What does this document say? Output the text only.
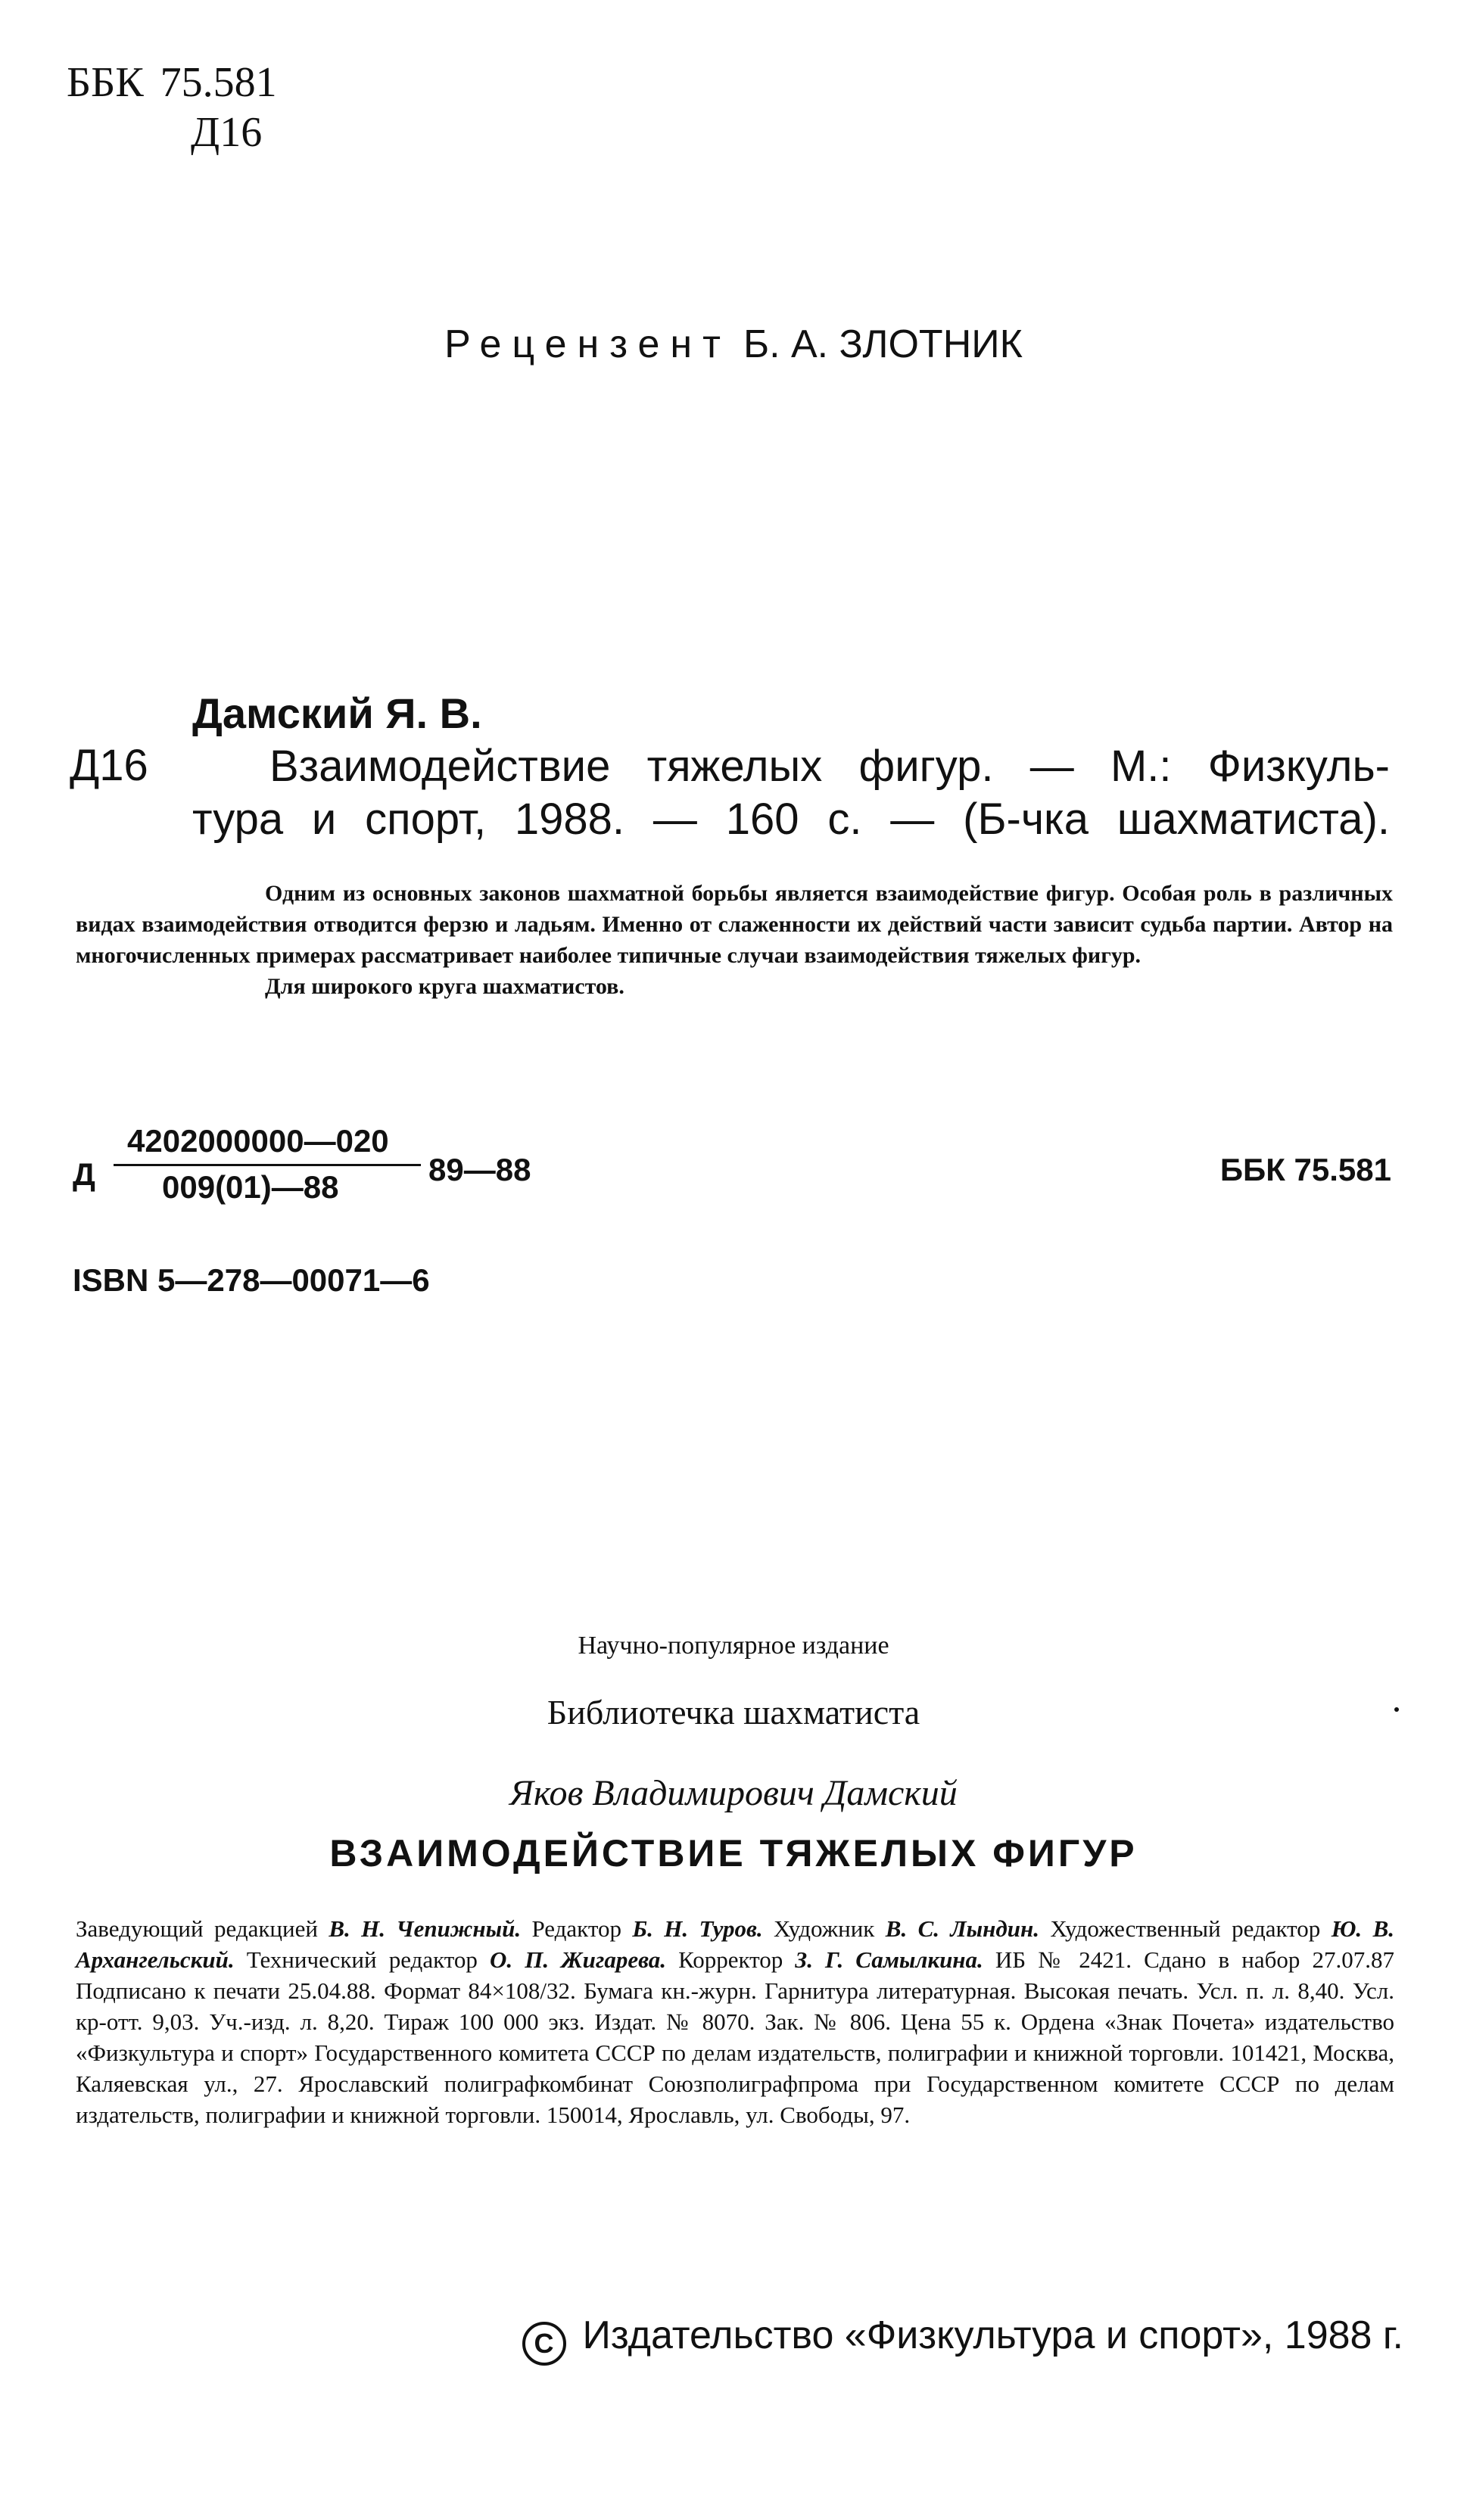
ББК 75.581
Д16
Рецензент Б. А. ЗЛОТНИК
Дамский Я. В.
Д16	Взаимодействие тяжелых фигур. — М.: Физкуль-
тура и спорт, 1988. — 160 с. — (Б-чка шахматиста).

Одним из основных законов шахматной борьбы является взаимодействие фигур. Особая роль в различных видах взаимодействия отводится ферзю и ладьям. Именно от слаженности их действий части зависит судьба партии. Автор на многочисленных примерах рассматривает наиболее типичные случаи взаимодействия тяжелых фигур.

Для широкого круга шахматистов.

Д
4202000000—020
009(01)—88	89—88	ББК 75.581
ISBN 5—278—00071—6
Научно-популярное издание
Библиотечка шахматиста
Яков Владимирович Дамский
ВЗАИМОДЕЙСТВИЕ ТЯЖЕЛЫХ ФИГУР

Заведующий редакцией В. Н. Чепижный. Редактор Б. Н. Туров. Художник В. С. Лындин. Художественный редактор Ю. В. Архангельский. Технический редактор О. П. Жигарева. Корректор З. Г. Самылкина. ИБ № 2421. Сдано в набор 27.07.87 Подписано к печати 25.04.88. Формат 84×108/32. Бумага кн.-журн. Гарнитура литературная. Высокая печать. Усл. п. л. 8,40. Усл. кр-отт. 9,03. Уч.-изд. л. 8,20. Тираж 100 000 экз. Издат. № 8070. Зак. № 806. Цена 55 к. Ордена «Знак Почета» издательство «Физкультура и спорт» Государственного комитета СССР по делам издательств, полиграфии и книжной торговли. 101421, Москва, Каляевская ул., 27. Ярославский полиграфкомбинат Союзполиграфпрома при Государственном комитете СССР по делам издательств, полиграфии и книжной торговли. 150014, Ярославль, ул. Свободы, 97.

C Издательство «Физкультура и спорт», 1988 г.
